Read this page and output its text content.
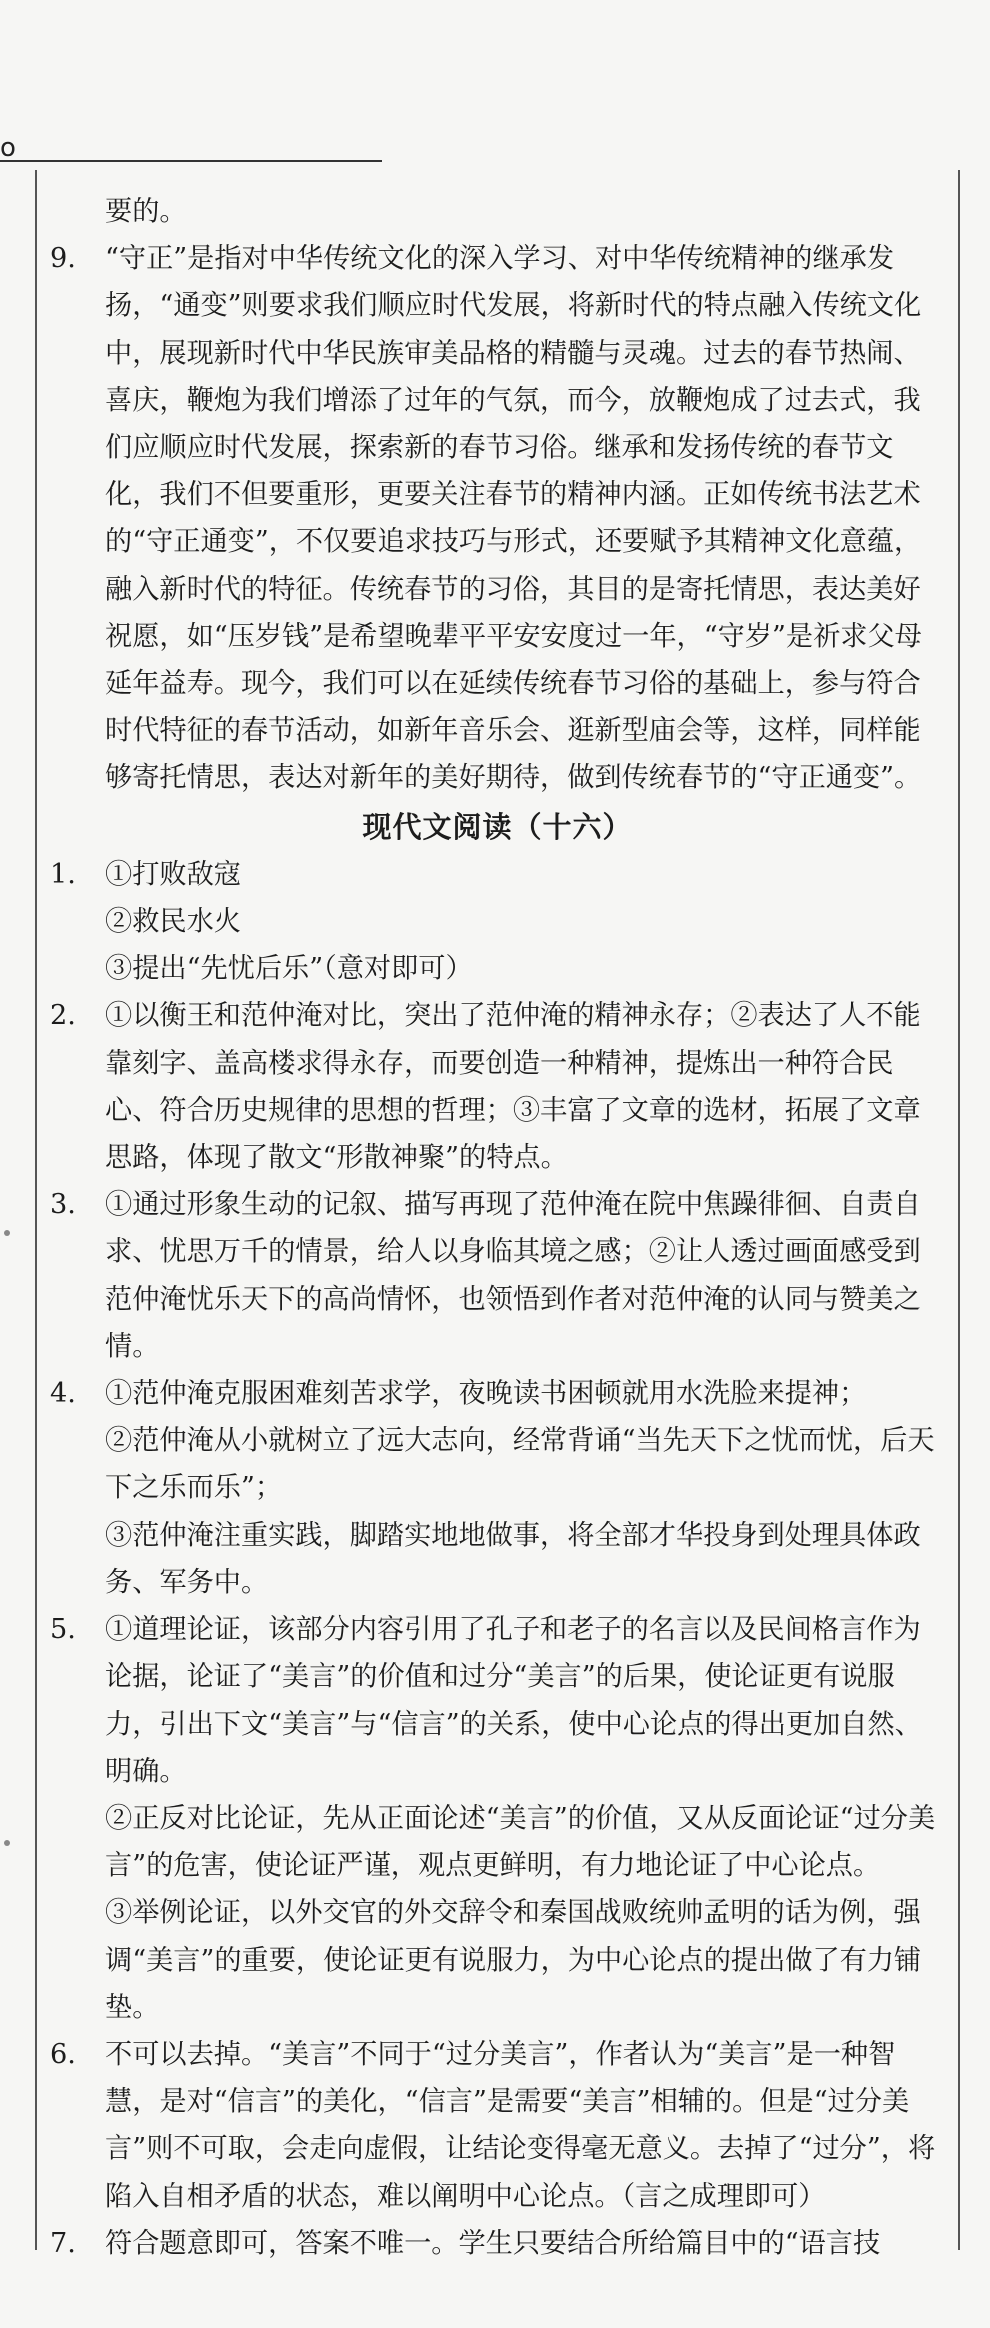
o

要的。

9.	“守正”是指对中华传统文化的深入学习、对中华传统精神的继承发扬，“通变”则要求我们顺应时代发展，将新时代的特点融入传统文化中，展现新时代中华民族审美品格的精髓与灵魂。过去的春节热闹、喜庆，鞭炮为我们增添了过年的气氛，而今，放鞭炮成了过去式，我们应顺应时代发展，探索新的春节习俗。继承和发扬传统的春节文化，我们不但要重形，更要关注春节的精神内涵。正如传统书法艺术的“守正通变”，不仅要追求技巧与形式，还要赋予其精神文化意蕴，融入新时代的特征。传统春节的习俗，其目的是寄托情思，表达美好祝愿，如“压岁钱”是希望晚辈平平安安度过一年，“守岁”是祈求父母延年益寿。现今，我们可以在延续传统春节习俗的基础上，参与符合时代特征的春节活动，如新年音乐会、逛新型庙会等，这样，同样能够寄托情思，表达对新年的美好期待，做到传统春节的“守正通变”。

现代文阅读（十六）
1.	①打败敌寇
②救民水火
③提出“先忧后乐”（意对即可）
2.	①以衡王和范仲淹对比，突出了范仲淹的精神永存；②表达了人不能靠刻字、盖高楼求得永存，而要创造一种精神，提炼出一种符合民心、符合历史规律的思想的哲理；③丰富了文章的选材，拓展了文章思路，体现了散文“形散神聚”的特点。
3.	①通过形象生动的记叙、描写再现了范仲淹在院中焦躁徘徊、自责自求、忧思万千的情景，给人以身临其境之感；②让人透过画面感受到范仲淹忧乐天下的高尚情怀，也领悟到作者对范仲淹的认同与赞美之情。
4.	①范仲淹克服困难刻苦求学，夜晚读书困顿就用水洗脸来提神；
②范仲淹从小就树立了远大志向，经常背诵“当先天下之忧而忧，后天下之乐而乐”；
③范仲淹注重实践，脚踏实地地做事，将全部才华投身到处理具体政务、军务中。
5.	①道理论证，该部分内容引用了孔子和老子的名言以及民间格言作为论据，论证了“美言”的价值和过分“美言”的后果，使论证更有说服力，引出下文“美言”与“信言”的关系，使中心论点的得出更加自然、明确。
②正反对比论证，先从正面论述“美言”的价值，又从反面论证“过分美言”的危害，使论证严谨，观点更鲜明，有力地论证了中心论点。
③举例论证，以外交官的外交辞令和秦国战败统帅孟明的话为例，强调“美言”的重要，使论证更有说服力，为中心论点的提出做了有力铺垫。
6.	不可以去掉。“美言”不同于“过分美言”，作者认为“美言”是一种智慧，是对“信言”的美化，“信言”是需要“美言”相辅的。但是“过分美言”则不可取，会走向虚假，让结论变得毫无意义。去掉了“过分”，将陷入自相矛盾的状态，难以阐明中心论点。（言之成理即可）
7.	符合题意即可，答案不唯一。学生只要结合所给篇目中的“语言技
